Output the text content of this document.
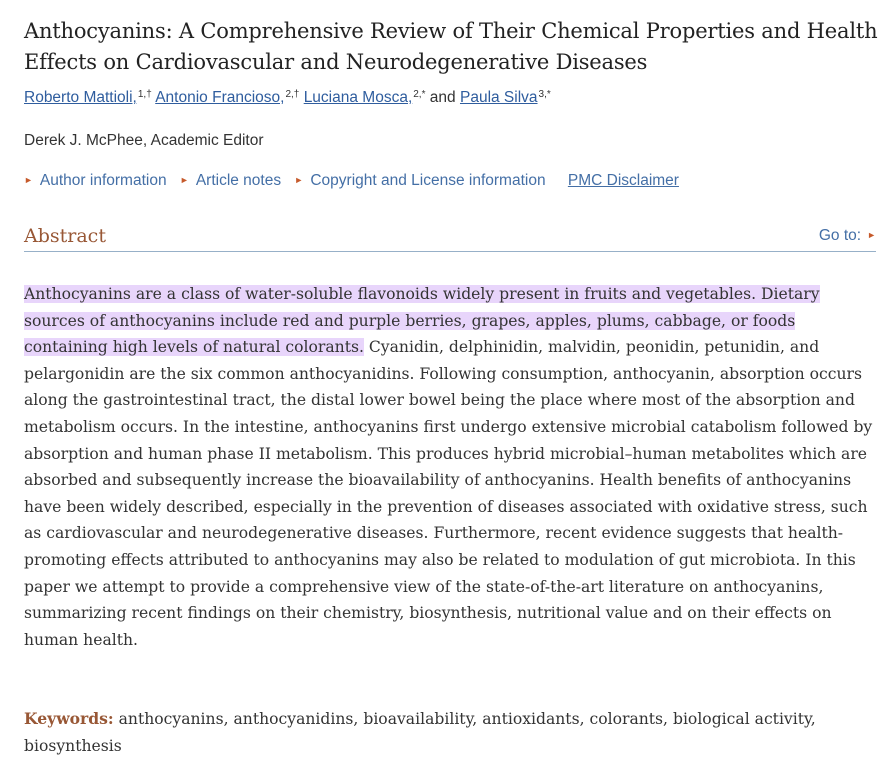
Anthocyanins: A Comprehensive Review of Their Chemical Properties and Health
Effects on Cardiovascular and Neurodegenerative Diseases
Roberto Mattioli,$^{1,\dagger}$ Antonio Francioso,$^{2,\dagger}$ Luciana Mosca,$^{2,*}$ and Paula Silva$^{3,*}$
Derek J. McPhee, Academic Editor
► Author information ► Article notes ► Copyright and License information PMC Disclaimer
Abstract	Go to: ►

Anthocyanins are a class of water-soluble flavonoids widely present in fruits and vegetables. Dietary sources of anthocyanins include red and purple berries, grapes, apples, plums, cabbage, or foods containing high levels of natural colorants. Cyanidin, delphinidin, malvidin, peonidin, petunidin, and pelargonidin are the six common anthocyanidins. Following consumption, anthocyanin, absorption occurs along the gastrointestinal tract, the distal lower bowel being the place where most of the absorption and metabolism occurs. In the intestine, anthocyanins first undergo extensive microbial catabolism followed by absorption and human phase II metabolism. This produces hybrid microbial–human metabolites which are absorbed and subsequently increase the bioavailability of anthocyanins. Health benefits of anthocyanins have been widely described, especially in the prevention of diseases associated with oxidative stress, such as cardiovascular and neurodegenerative diseases. Furthermore, recent evidence suggests that health-promoting effects attributed to anthocyanins may also be related to modulation of gut microbiota. In this paper we attempt to provide a comprehensive view of the state-of-the-art literature on anthocyanins, summarizing recent findings on their chemistry, biosynthesis, nutritional value and on their effects on human health.

Keywords: anthocyanins, anthocyanidins, bioavailability, antioxidants, colorants, biological activity, biosynthesis
